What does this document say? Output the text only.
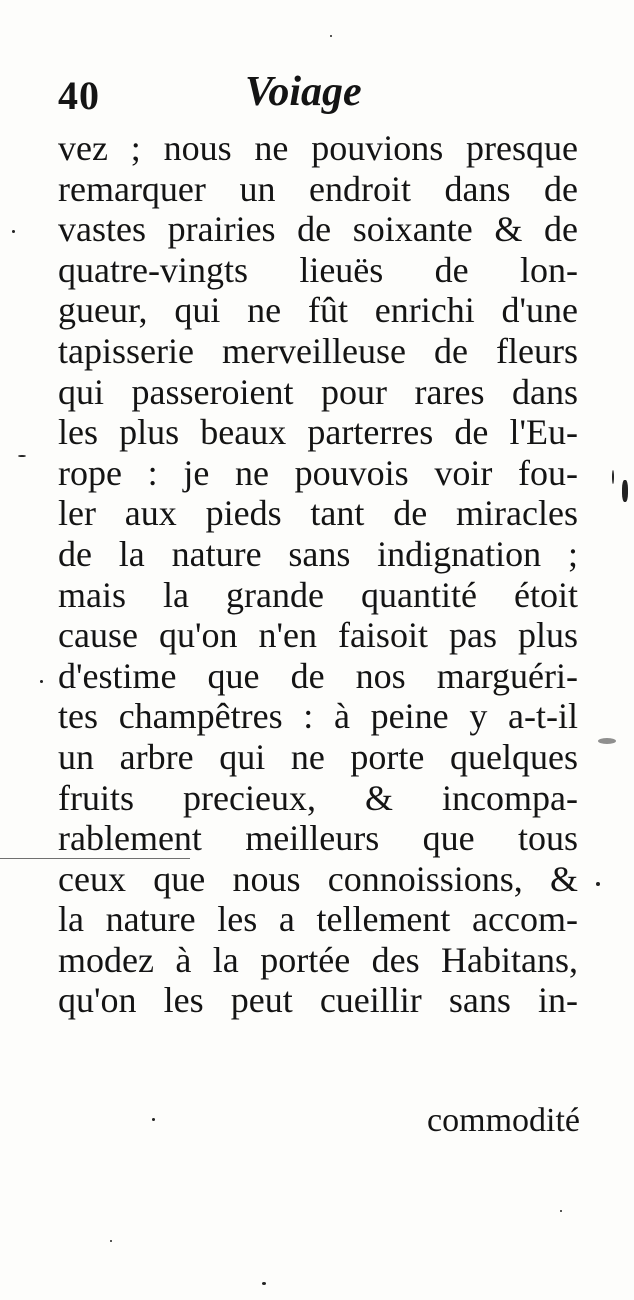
40	Voiage
vez ; nous ne pouvions presque
remarquer un endroit dans de
vastes prairies de soixante & de
quatre-vingts lieuës de lon-
gueur, qui ne fût enrichi d'une
tapisserie merveilleuse de fleurs
qui passeroient pour rares dans
les plus beaux parterres de l'Eu-
rope : je ne pouvois voir fou-
ler aux pieds tant de miracles
de la nature sans indignation ;
mais la grande quantité étoit
cause qu'on n'en faisoit pas plus
d'estime que de nos marguéri-
tes champêtres : à peine y a-t-il
un arbre qui ne porte quelques
fruits precieux, & incompa-
rablement meilleurs que tous
ceux que nous connoissions, &
la nature les a tellement accom-
modez à la portée des Habitans,
qu'on les peut cueillir sans in-
commodité
